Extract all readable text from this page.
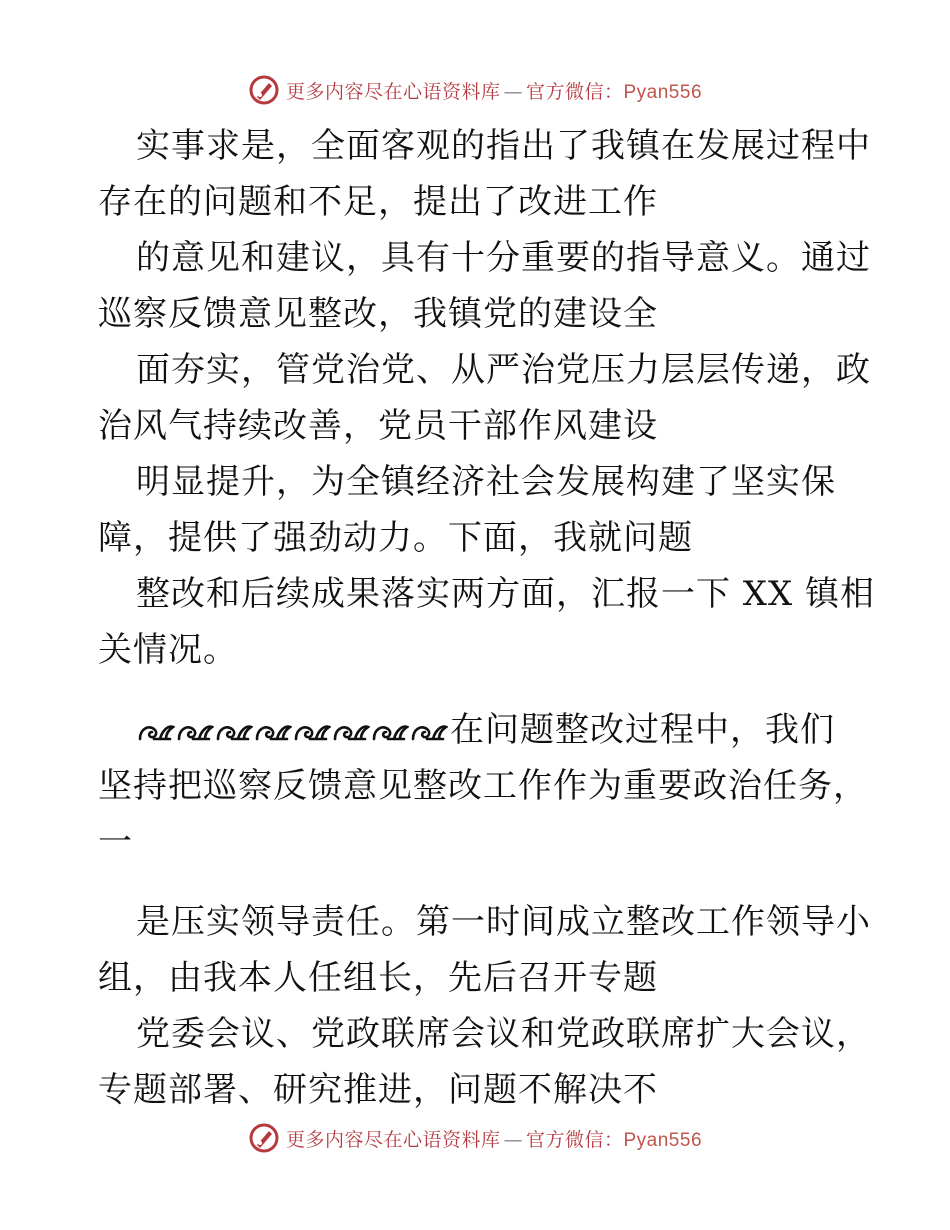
更多内容尽在心语资料库 — 官方微信：Pyan556
实事求是，全面客观的指出了我镇在发展过程中
存在的问题和不足，提出了改进工作
的意见和建议，具有十分重要的指导意义。通过
巡察反馈意见整改，我镇党的建设全
面夯实，管党治党、从严治党压力层层传递，政
治风气持续改善，党员干部作风建设
明显提升，为全镇经济社会发展构建了坚实保
障，提供了强劲动力。下面，我就问题
整改和后续成果落实两方面，汇报一下 XX 镇相
关情况。
在问题整改过程中，我们
坚持把巡察反馈意见整改工作作为重要政治任务，
一
是压实领导责任。第一时间成立整改工作领导小
组，由我本人任组长，先后召开专题
党委会议、党政联席会议和党政联席扩大会议，
专题部署、研究推进，问题不解决不
更多内容尽在心语资料库 — 官方微信：Pyan556
